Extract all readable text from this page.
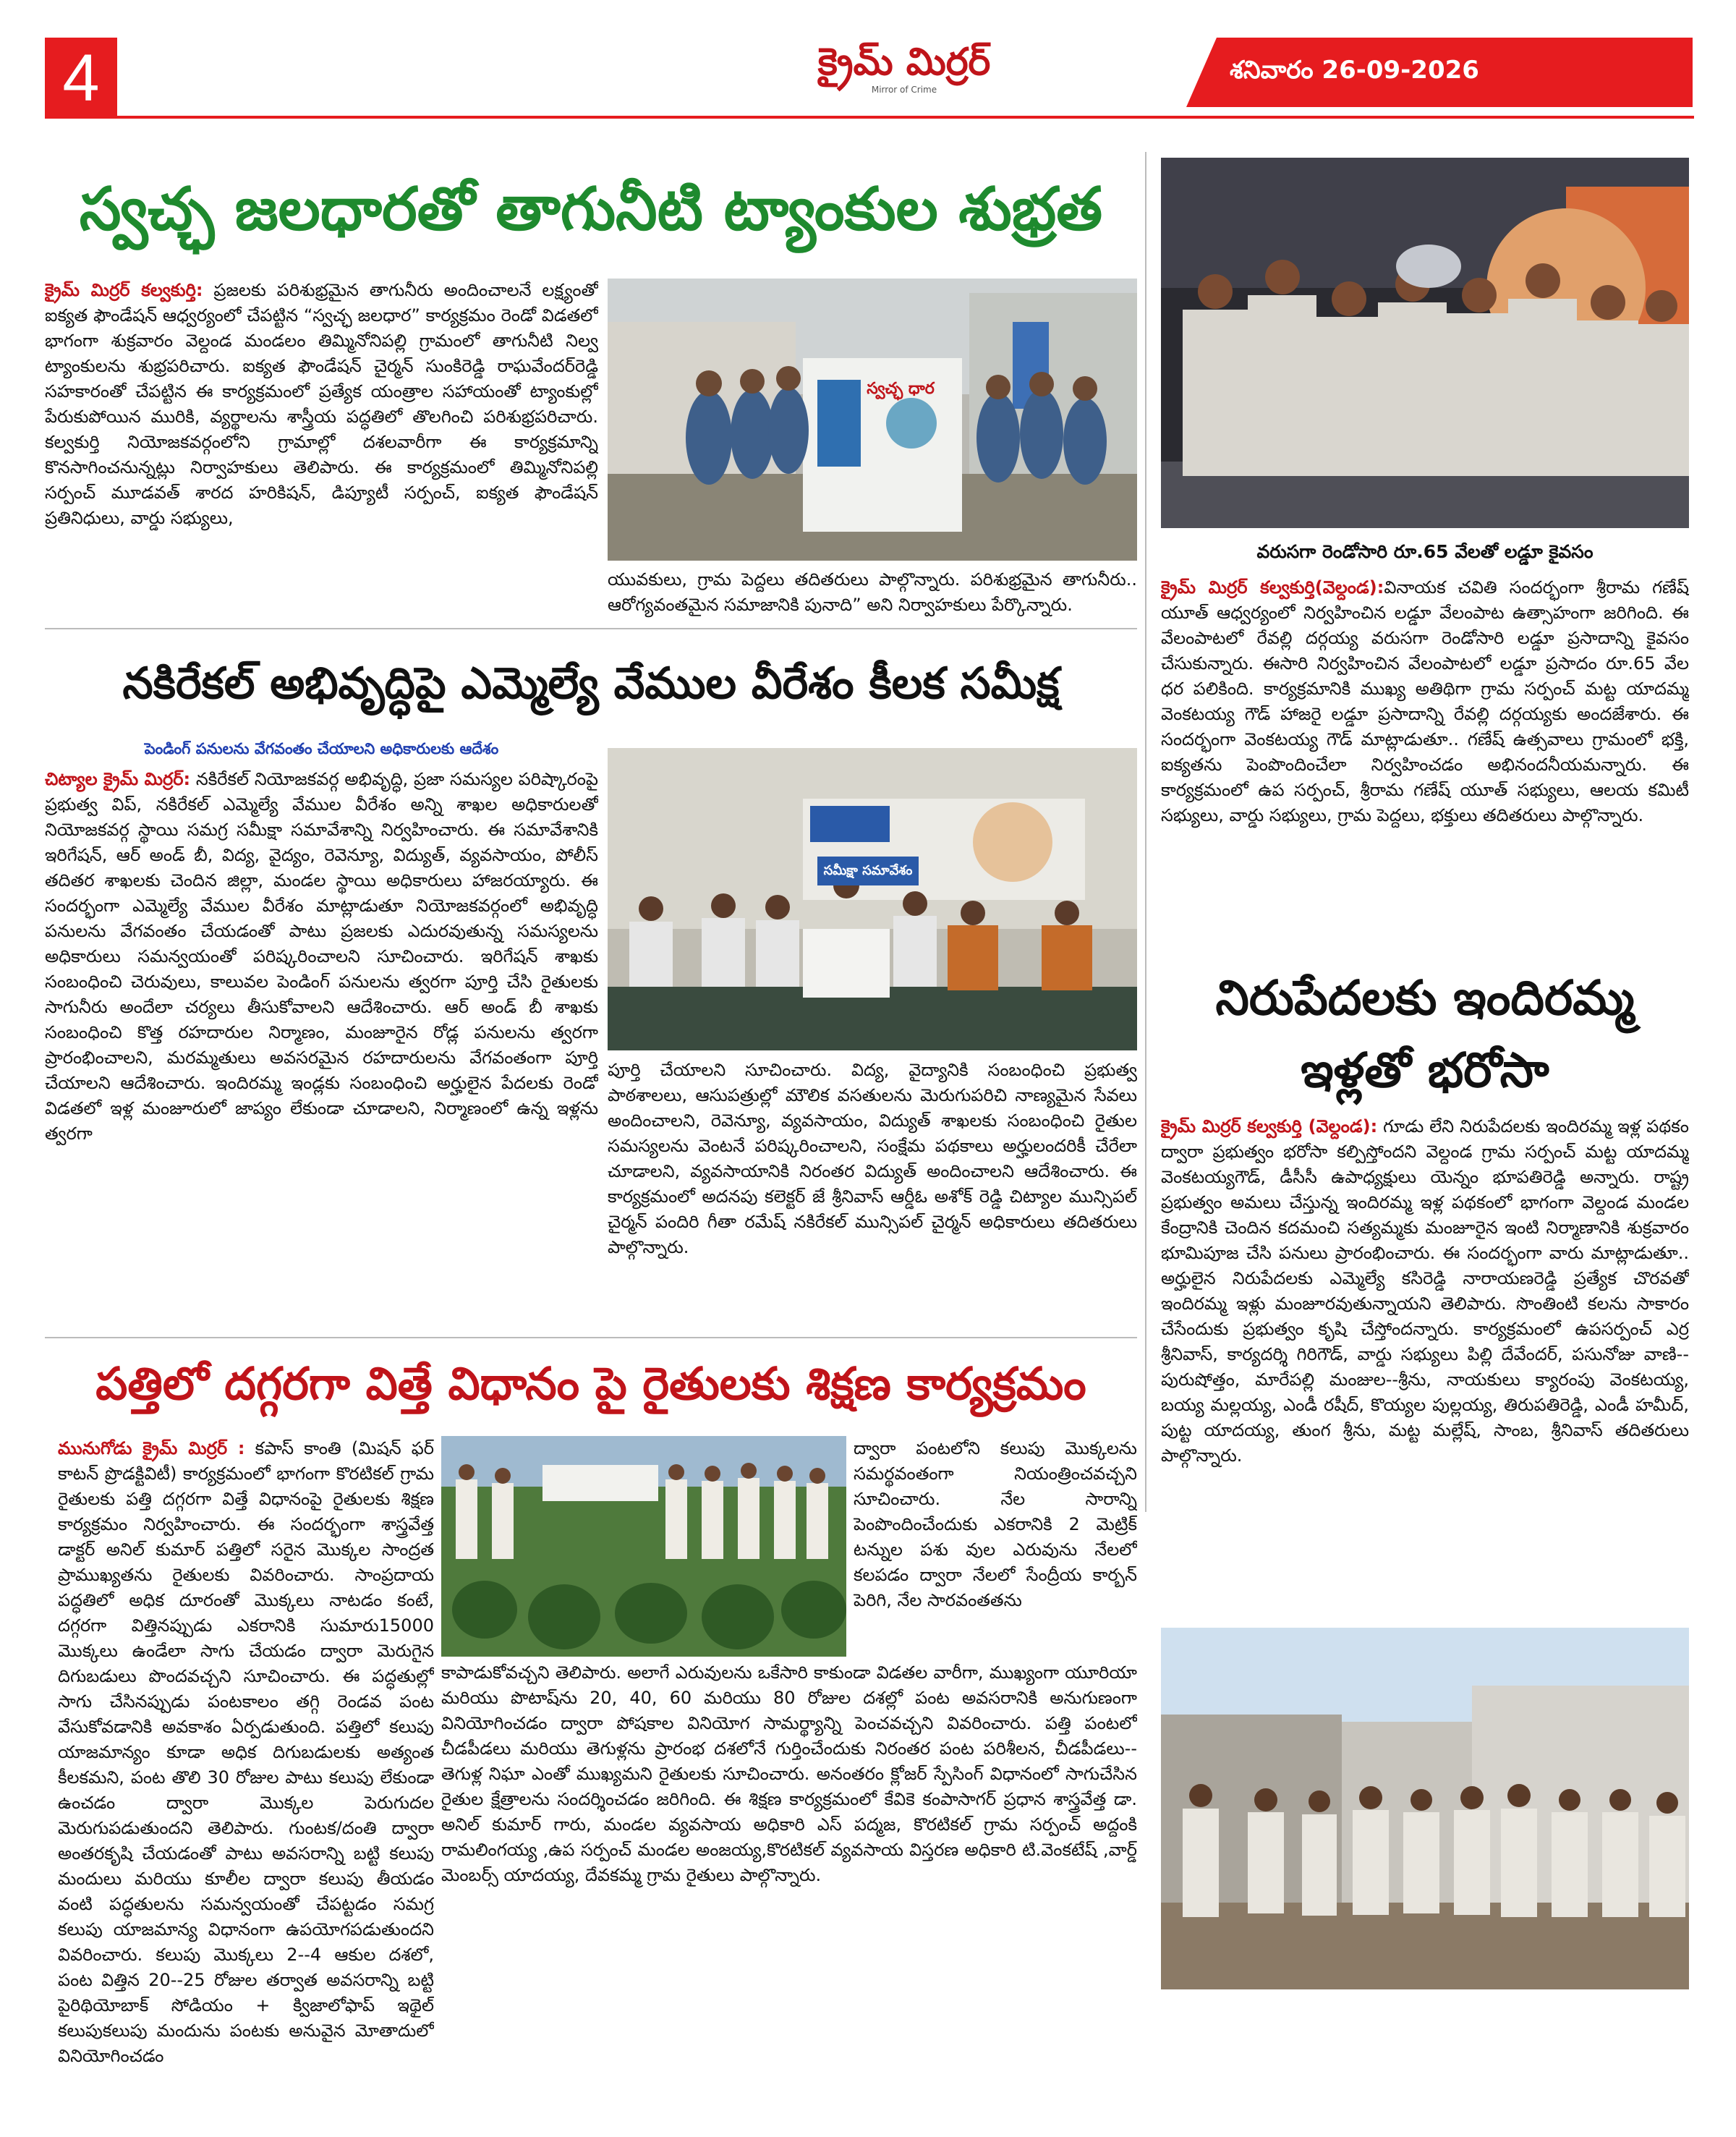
4	క్రైమ్ మిర్రర్
Mirror of Crime
శనివారం 26-09-2026
స్వచ్ఛ జలధారతో తాగునీటి ట్యాంకుల శుభ్రత
క్రైమ్ మిర్రర్ కల్వకుర్తి: ప్రజలకు పరిశుభ్రమైన తాగునీరు అందించాలనే లక్ష్యంతో ఐక్యత ఫౌండేషన్ ఆధ్వర్యంలో చేపట్టిన “స్వచ్ఛ జలధార” కార్యక్రమం రెండో విడతలో భాగంగా శుక్రవారం వెల్దండ మండలం తిమ్మినోనిపల్లి గ్రామంలో తాగునీటి నిల్వ ట్యాంకులను శుభ్రపరిచారు. ఐక్యత ఫౌండేషన్ చైర్మన్ సుంకిరెడ్డి రాఘవేందర్‌రెడ్డి సహకారంతో చేపట్టిన ఈ కార్యక్రమంలో ప్రత్యేక యంత్రాల సహాయంతో ట్యాంకుల్లో పేరుకుపోయిన మురికి, వ్యర్థాలను శాస్త్రీయ పద్ధతిలో తొలగించి పరిశుభ్రపరిచారు. కల్వకుర్తి నియోజకవర్గంలోని గ్రామాల్లో దశలవారీగా ఈ కార్యక్రమాన్ని కొనసాగించనున్నట్లు నిర్వాహకులు తెలిపారు. ఈ కార్యక్రమంలో తిమ్మినోనిపల్లి సర్పంచ్ మూడవత్ శారద హరికిషన్, డిప్యూటీ సర్పంచ్, ఐక్యత ఫౌండేషన్ ప్రతినిధులు, వార్డు సభ్యులు,
స్వచ్ఛ ధార
యువకులు, గ్రామ పెద్దలు తదితరులు పాల్గొన్నారు. పరిశుభ్రమైన తాగునీరు.. ఆరోగ్యవంతమైన సమాజానికి పునాది” అని నిర్వాహకులు పేర్కొన్నారు.
వరుసగా రెండోసారి రూ.65 వేలతో లడ్డూ కైవసం
క్రైమ్ మిర్రర్ కల్వకుర్తి(వెల్దండ):వినాయక చవితి సందర్భంగా శ్రీరామ గణేష్ యూత్ ఆధ్వర్యంలో నిర్వహించిన లడ్డూ వేలంపాట ఉత్సాహంగా జరిగింది. ఈ వేలంపాటలో రేవల్లి దర్గయ్య వరుసగా రెండోసారి లడ్డూ ప్రసాదాన్ని కైవసం చేసుకున్నారు. ఈసారి నిర్వహించిన వేలంపాటలో లడ్డూ ప్రసాదం రూ.65 వేల ధర పలికింది. కార్యక్రమానికి ముఖ్య అతిథిగా గ్రామ సర్పంచ్ మట్ట యాదమ్మ వెంకటయ్య గౌడ్ హాజరై లడ్డూ ప్రసాదాన్ని రేవల్లి దర్గయ్యకు అందజేశారు. ఈ సందర్భంగా వెంకటయ్య గౌడ్ మాట్లాడుతూ.. గణేష్ ఉత్సవాలు గ్రామంలో భక్తి, ఐక్యతను పెంపొందించేలా నిర్వహించడం అభినందనీయమన్నారు. ఈ కార్యక్రమంలో ఉప సర్పంచ్, శ్రీరామ గణేష్ యూత్ సభ్యులు, ఆలయ కమిటీ సభ్యులు, వార్డు సభ్యులు, గ్రామ పెద్దలు, భక్తులు తదితరులు పాల్గొన్నారు.
నకిరేకల్ అభివృద్ధిపై ఎమ్మెల్యే వేముల వీరేశం కీలక సమీక్ష
పెండింగ్ పనులను వేగవంతం చేయాలని అధికారులకు ఆదేశం
చిట్యాల క్రైమ్ మిర్రర్: నకిరేకల్ నియోజకవర్గ అభివృద్ధి, ప్రజా సమస్యల పరిష్కారంపై ప్రభుత్వ విప్, నకిరేకల్ ఎమ్మెల్యే వేముల వీరేశం అన్ని శాఖల అధికారులతో నియోజకవర్గ స్థాయి సమగ్ర సమీక్షా సమావేశాన్ని నిర్వహించారు. ఈ సమావేశానికి ఇరిగేషన్, ఆర్ అండ్ బీ, విద్య, వైద్యం, రెవెన్యూ, విద్యుత్, వ్యవసాయం, పోలీస్ తదితర శాఖలకు చెందిన జిల్లా, మండల స్థాయి అధికారులు హాజరయ్యారు. ఈ సందర్భంగా ఎమ్మెల్యే వేముల వీరేశం మాట్లాడుతూ నియోజకవర్గంలో అభివృద్ధి పనులను వేగవంతం చేయడంతో పాటు ప్రజలకు ఎదురవుతున్న సమస్యలను అధికారులు సమన్వయంతో పరిష్కరించాలని సూచించారు. ఇరిగేషన్ శాఖకు సంబంధించి చెరువులు, కాలువల పెండింగ్ పనులను త్వరగా పూర్తి చేసి రైతులకు సాగునీరు అందేలా చర్యలు తీసుకోవాలని ఆదేశించారు. ఆర్ అండ్ బీ శాఖకు సంబంధించి కొత్త రహదారుల నిర్మాణం, మంజూరైన రోడ్ల పనులను త్వరగా ప్రారంభించాలని, మరమ్మతులు అవసరమైన రహదారులను వేగవంతంగా పూర్తి చేయాలని ఆదేశించారు. ఇందిరమ్మ ఇండ్లకు సంబంధించి అర్హులైన పేదలకు రెండో విడతలో ఇళ్ల మంజూరులో జాప్యం లేకుండా చూడాలని, నిర్మాణంలో ఉన్న ఇళ్లను త్వరగా
సమీక్షా సమావేశం
పూర్తి చేయాలని సూచించారు. విద్య, వైద్యానికి సంబంధించి ప్రభుత్వ పాఠశాలలు, ఆసుపత్రుల్లో మౌలిక వసతులను మెరుగుపరిచి నాణ్యమైన సేవలు అందించాలని, రెవెన్యూ, వ్యవసాయం, విద్యుత్ శాఖలకు సంబంధించి రైతుల సమస్యలను వెంటనే పరిష్కరించాలని, సంక్షేమ పథకాలు అర్హులందరికీ చేరేలా చూడాలని, వ్యవసాయానికి నిరంతర విద్యుత్ అందించాలని ఆదేశించారు. ఈ కార్యక్రమంలో అదనపు కలెక్టర్ జే శ్రీనివాస్ ఆర్డీఓ అశోక్ రెడ్డి చిట్యాల మున్సిపల్ చైర్మన్ పందిరి గీతా రమేష్ నకిరేకల్ మున్సిపల్ చైర్మన్ అధికారులు తదితరులు పాల్గొన్నారు.
నిరుపేదలకు ఇందిరమ్మ ఇళ్లతో భరోసా
క్రైమ్ మిర్రర్ కల్వకుర్తి (వెల్దండ): గూడు లేని నిరుపేదలకు ఇందిరమ్మ ఇళ్ల పథకం ద్వారా ప్రభుత్వం భరోసా కల్పిస్తోందని వెల్దండ గ్రామ సర్పంచ్ మట్ట యాదమ్మ వెంకటయ్యగౌడ్, డీసీసీ ఉపాధ్యక్షులు యెన్నం భూపతిరెడ్డి అన్నారు. రాష్ట్ర ప్రభుత్వం అమలు చేస్తున్న ఇందిరమ్మ ఇళ్ల పథకంలో భాగంగా వెల్దండ మండల కేంద్రానికి చెందిన కదమంచి సత్యమ్మకు మంజూరైన ఇంటి నిర్మాణానికి శుక్రవారం భూమిపూజ చేసి పనులు ప్రారంభించారు. ఈ సందర్భంగా వారు మాట్లాడుతూ.. అర్హులైన నిరుపేదలకు ఎమ్మెల్యే కసిరెడ్డి నారాయణరెడ్డి ప్రత్యేక చొరవతో ఇందిరమ్మ ఇళ్లు మంజూరవుతున్నాయని తెలిపారు. సొంతింటి కలను సాకారం చేసేందుకు ప్రభుత్వం కృషి చేస్తోందన్నారు. కార్యక్రమంలో ఉపసర్పంచ్ ఎర్ర శ్రీనివాస్, కార్యదర్శి గిరిగౌడ్, వార్డు సభ్యులు పిల్లి దేవేందర్, పసునోజు వాణి--పురుషోత్తం, మారేపల్లి మంజుల--శ్రీను, నాయకులు క్యారంపు వెంకటయ్య, బయ్య మల్లయ్య, ఎండీ రషీద్, కొయ్యల పుల్లయ్య, తిరుపతిరెడ్డి, ఎండీ హమీద్, పుట్ట యాదయ్య, తుంగ శ్రీను, మట్ట మల్లేష్, సాంబ, శ్రీనివాస్ తదితరులు పాల్గొన్నారు.
పత్తిలో దగ్గరగా విత్తే విధానం పై రైతులకు శిక్షణ కార్యక్రమం
మునుగోడు క్రైమ్ మిర్రర్ : కపాస్ కాంతి (మిషన్ ఫర్ కాటన్ ప్రొడక్టివిటీ) కార్యక్రమంలో భాగంగా కొరటికల్ గ్రామ రైతులకు పత్తి దగ్గరగా విత్తే విధానంపై రైతులకు శిక్షణ కార్యక్రమం నిర్వహించారు. ఈ సందర్భంగా శాస్త్రవేత్త డాక్టర్ అనిల్ కుమార్ పత్తిలో సరైన మొక్కల సాంద్రత ప్రాముఖ్యతను రైతులకు వివరించారు. సాంప్రదాయ పద్ధతిలో అధిక దూరంతో మొక్కలు నాటడం కంటే, దగ్గరగా విత్తినప్పుడు ఎకరానికి సుమారు15000 మొక్కలు ఉండేలా సాగు చేయడం ద్వారా మెరుగైన దిగుబడులు పొందవచ్చని సూచించారు. ఈ పద్ధతుల్లో సాగు చేసినప్పుడు పంటకాలం తగ్గి రెండవ పంట వేసుకోవడానికి అవకాశం ఏర్పడుతుంది. పత్తిలో కలుపు యాజమాన్యం కూడా అధిక దిగుబడులకు అత్యంత కీలకమని, పంట తొలి 30 రోజుల పాటు కలుపు లేకుండా ఉంచడం ద్వారా మొక్కల పెరుగుదల మెరుగుపడుతుందని తెలిపారు. గుంటక/దంతి ద్వారా అంతరకృషి చేయడంతో పాటు అవసరాన్ని బట్టి కలుపు మందులు మరియు కూలీల ద్వారా కలుపు తీయడం వంటి పద్ధతులను సమన్వయంతో చేపట్టడం సమగ్ర కలుపు యాజమాన్య విధానంగా ఉపయోగపడుతుందని వివరించారు. కలుపు మొక్కలు 2--4 ఆకుల దశలో, పంట విత్తిన 20--25 రోజుల తర్వాత అవసరాన్ని బట్టి పైరిథియోబాక్ సోడియం + క్విజాలోఫాప్ ఇథైల్ కలుపుకలుపు మందును పంటకు అనువైన మోతాదులో వినియోగించడం
ద్వారా పంటలోని కలుపు మొక్కలను సమర్థవంతంగా నియంత్రించవచ్చని సూచించారు. నేల సారాన్ని పెంపొందించేందుకు ఎకరానికి 2 మెట్రిక్ టన్నుల పశు వుల ఎరువును నేలలో కలపడం ద్వారా నేలలో సేంద్రీయ కార్బన్ పెరిగి, నేల సారవంతతను
కాపాడుకోవచ్చని తెలిపారు. అలాగే ఎరువులను ఒకేసారి కాకుండా విడతల వారీగా, ముఖ్యంగా యూరియా మరియు పొటాష్‌ను 20, 40, 60 మరియు 80 రోజుల దశల్లో పంట అవసరానికి అనుగుణంగా వినియోగించడం ద్వారా పోషకాల వినియోగ సామర్థ్యాన్ని పెంచవచ్చని వివరించారు. పత్తి పంటలో చీడపీడలు మరియు తెగుళ్లను ప్రారంభ దశలోనే గుర్తించేందుకు నిరంతర పంట పరిశీలన, చీడపీడలు--తెగుళ్ల నిఘా ఎంతో ముఖ్యమని రైతులకు సూచించారు. అనంతరం క్లోజర్ స్పేసింగ్ విధానంలో సాగుచేసిన రైతుల క్షేత్రాలను సందర్శించడం జరిగింది. ఈ శిక్షణ కార్యక్రమంలో కేవికె కంపాసాగర్ ప్రధాన శాస్త్రవేత్త డా. అనిల్ కుమార్ గారు, మండల వ్యవసాయ అధికారి ఎస్ పద్మజ, కొరటికల్ గ్రామ సర్పంచ్ అద్దంకి రామలింగయ్య ,ఉప సర్పంచ్ మండల అంజయ్య,కొరటికల్ వ్యవసాయ విస్తరణ అధికారి టి.వెంకటేష్ ,వార్డ్ మెంబర్స్ యాదయ్య, దేవకమ్మ గ్రామ రైతులు పాల్గొన్నారు.
